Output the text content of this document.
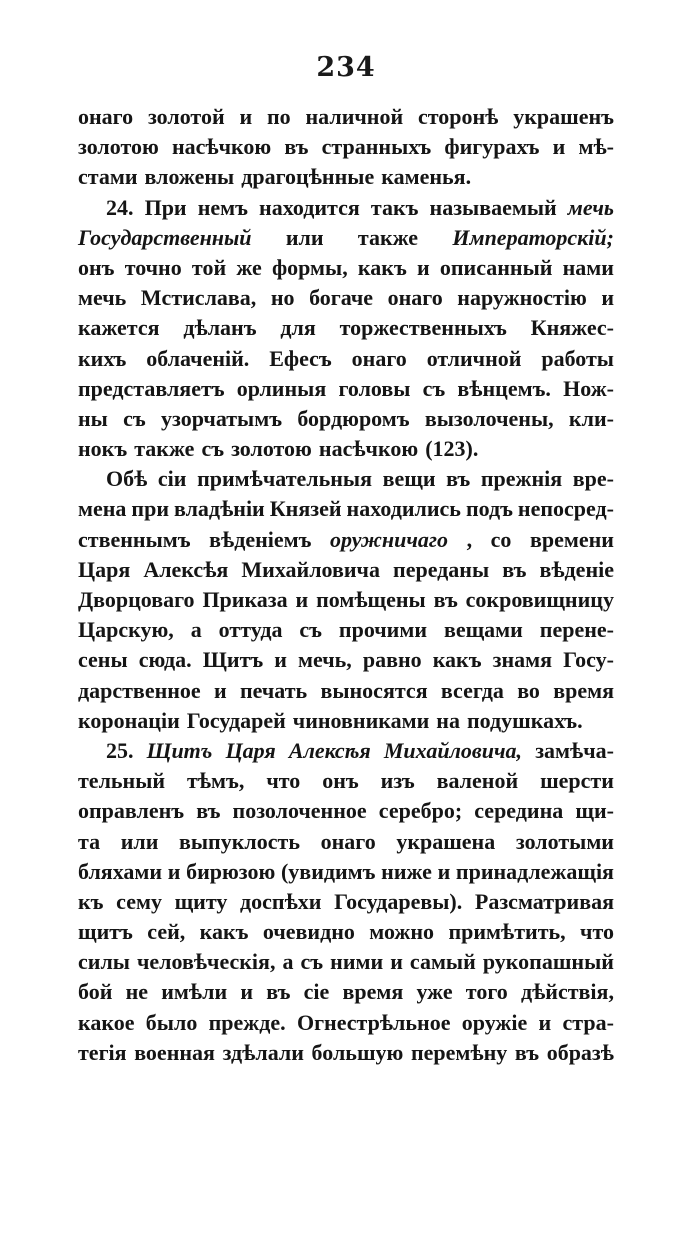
234
онаго золотой и по наличной сторонѣ украшенъ
золотою насѣчкою въ странныхъ фигурахъ и мѣ-
стами вложены драгоцѣнные каменья.
24. При немъ находится такъ называемый мечь
Государственный или также Императорскій;
онъ точно той же формы, какъ и описанный нами
мечь Мстислава, но богаче онаго наружностію и
кажется дѣланъ для торжественныхъ Княжес-
кихъ облаченій. Ефесъ онаго отличной работы
представляетъ орлиныя головы съ вѣнцемъ. Нож-
ны съ узорчатымъ бордюромъ вызолочены, кли-
нокъ также съ золотою насѣчкою (123).
Обѣ сіи примѣчательныя вещи въ прежнія вре-
мена при владѣніи Князей находились подъ непосред-
ственнымъ вѣденіемъ оружничаго , со времени
Царя Алексѣя Михайловича переданы въ вѣденіе
Дворцоваго Приказа и помѣщены въ сокровищницу
Царскую, а оттуда съ прочими вещами перене-
сены сюда. Щитъ и мечь, равно какъ знамя Госу-
дарственное и печать выносятся всегда во время
коронаціи Государей чиновниками на подушкахъ.
25. Щитъ Царя Алексѣя Михайловича, замѣча-
тельный тѣмъ, что онъ изъ валеной шерсти
оправленъ въ позолоченное серебро; середина щи-
та или выпуклость онаго украшена золотыми
бляхами и бирюзою (увидимъ ниже и принадлежащія
къ сему щиту доспѣхи Государевы). Разсматривая
щитъ сей, какъ очевидно можно примѣтить, что
силы человѣческія, а съ ними и самый рукопашный
бой не имѣли и въ сіе время уже того дѣйствія,
какое было прежде. Огнестрѣльное оружіе и стра-
тегія военная здѣлали большую перемѣну въ образѣ
